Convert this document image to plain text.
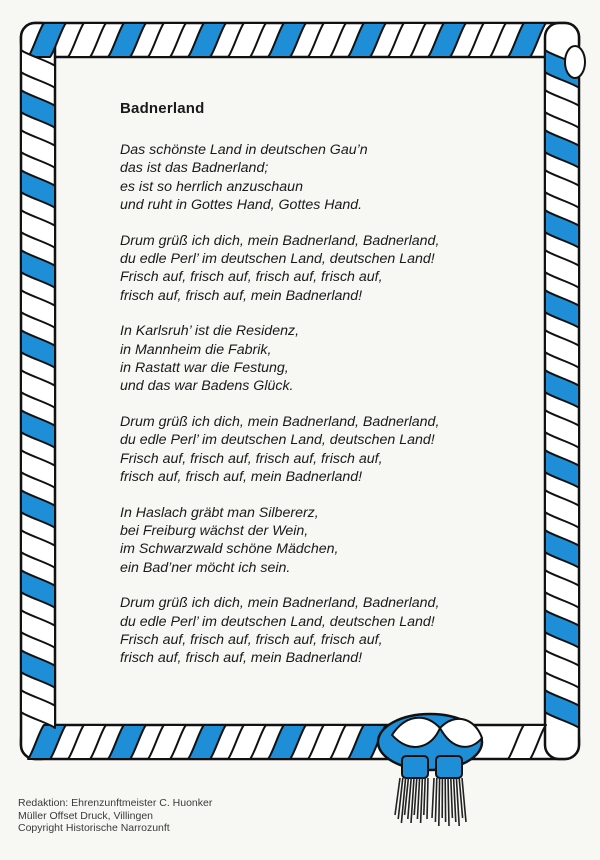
Badnerland
Das schönste Land in deutschen Gau’n
das ist das Badnerland;
es ist so herrlich anzuschaun
und ruht in Gottes Hand, Gottes Hand.
Drum grüß ich dich, mein Badnerland, Badnerland,
du edle Perl’ im deutschen Land, deutschen Land!
Frisch auf, frisch auf, frisch auf, frisch auf,
frisch auf, frisch auf, mein Badnerland!
In Karlsruh’ ist die Residenz,
in Mannheim die Fabrik,
in Rastatt war die Festung,
und das war Badens Glück.
Drum grüß ich dich, mein Badnerland, Badnerland,
du edle Perl’ im deutschen Land, deutschen Land!
Frisch auf, frisch auf, frisch auf, frisch auf,
frisch auf, frisch auf, mein Badnerland!
In Haslach gräbt man Silbererz,
bei Freiburg wächst der Wein,
im Schwarzwald schöne Mädchen,
ein Bad’ner möcht ich sein.
Drum grüß ich dich, mein Badnerland, Badnerland,
du edle Perl’ im deutschen Land, deutschen Land!
Frisch auf, frisch auf, frisch auf, frisch auf,
frisch auf, frisch auf, mein Badnerland!
Redaktion: Ehrenzunftmeister C. Huonker
Müller Offset Druck, Villingen
Copyright Historische Narrozunft
